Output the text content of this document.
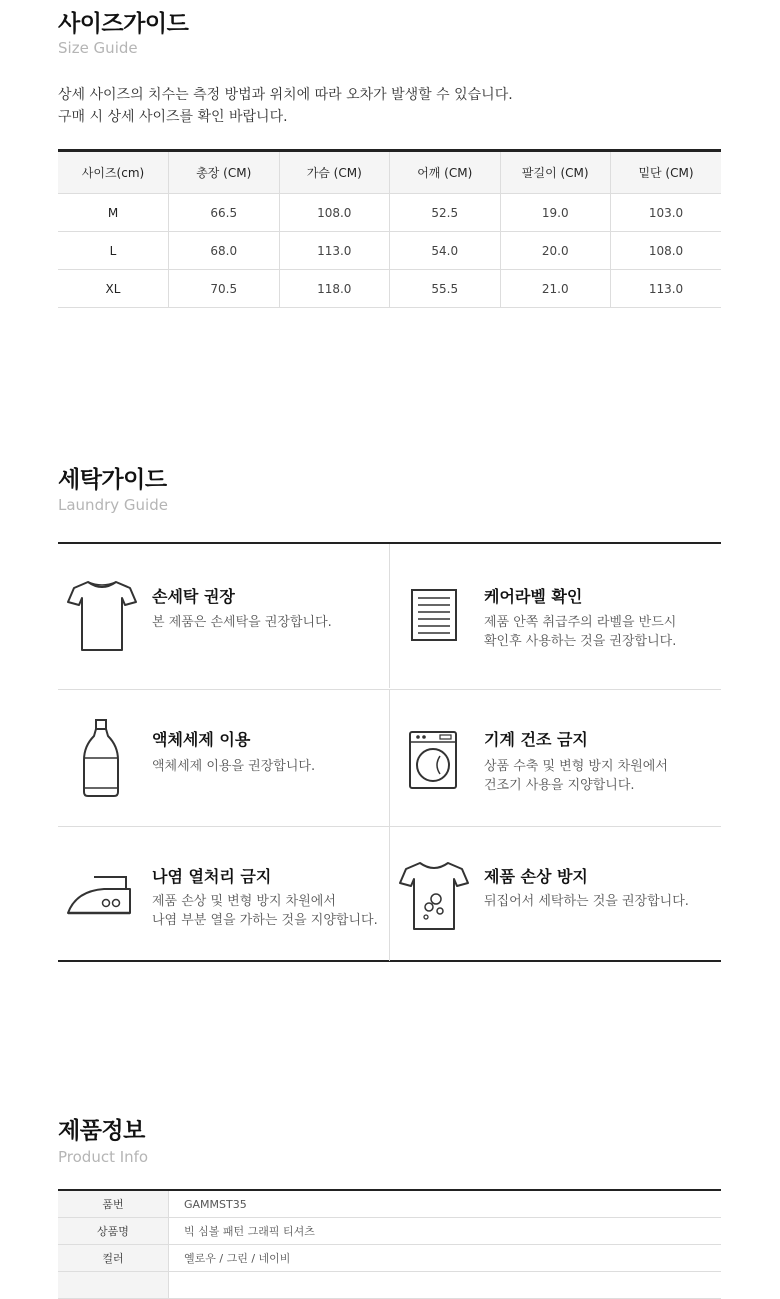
사이즈가이드

Size Guide

상세 사이즈의 치수는 측정 방법과 위치에 따라 오차가 발생할 수 있습니다.
구매 시 상세 사이즈를 확인 바랍니다.
사이즈(cm)	총장 (CM)	가슴 (CM)	어깨 (CM)	팔길이 (CM)	밑단 (CM)
M	66.5	108.0	52.5	19.0	103.0
L	68.0	113.0	54.0	20.0	108.0
XL	70.5	118.0	55.5	21.0	113.0
세탁가이드

Laundry Guide

손세탁 권장
본 제품은 손세탁을 권장합니다.
케어라벨 확인
제품 안쪽 취급주의 라벨을 반드시
확인후 사용하는 것을 권장합니다.
액체세제 이용
액체세제 이용을 권장합니다.
기계 건조 금지
상품 수축 및 변형 방지 차원에서
건조기 사용을 지양합니다.
나염 열처리 금지
제품 손상 및 변형 방지 차원에서
나염 부분 열을 가하는 것을 지양합니다.
제품 손상 방지
뒤집어서 세탁하는 것을 권장합니다.
제품정보

Product Info

품번	GAMMST35
상품명	빅 심볼 패턴 그래픽 티셔츠
컬러	옐로우 / 그린 / 네이비
